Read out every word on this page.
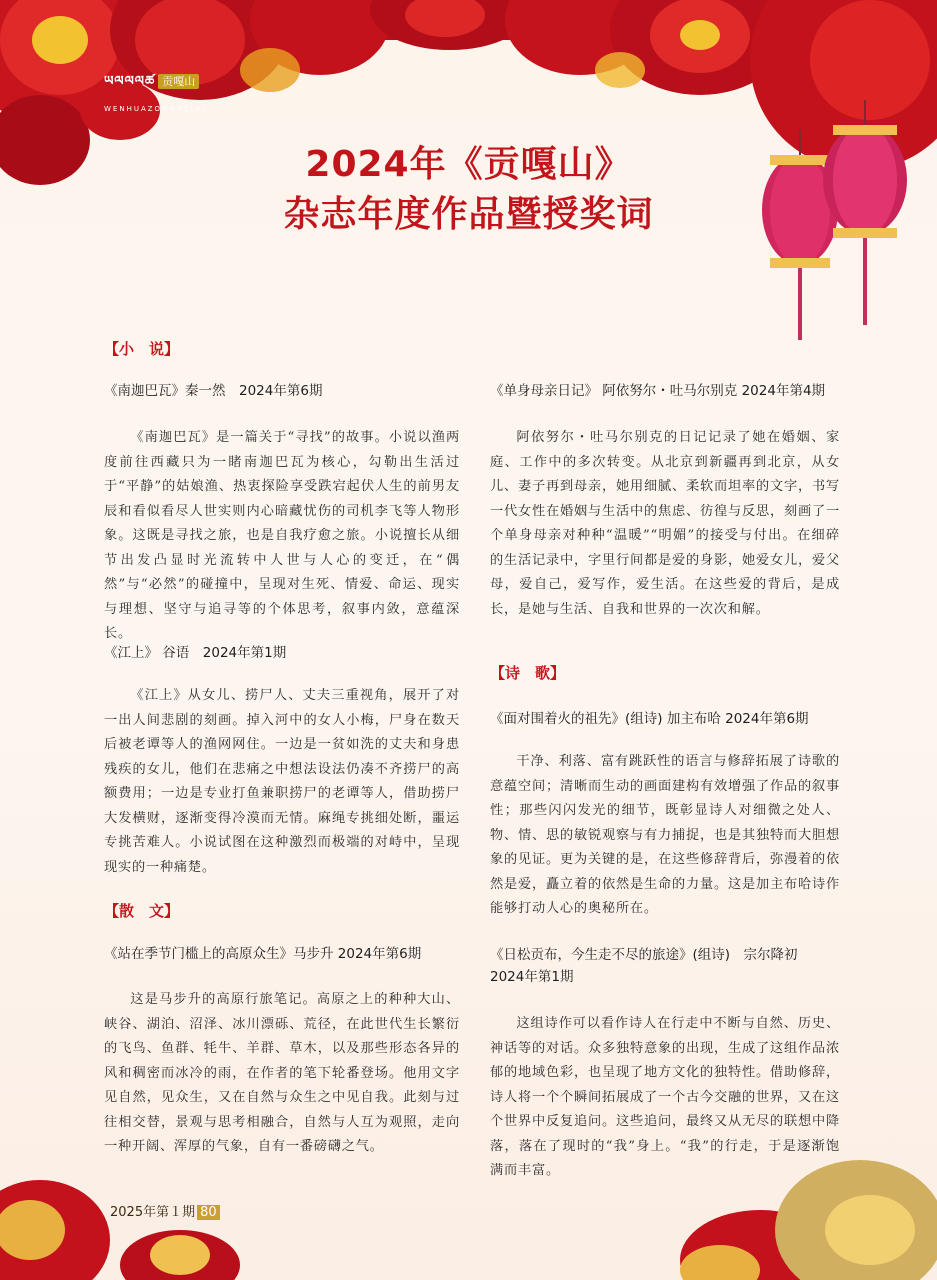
ཡལལལཚ 贡嘎山
WENHUAZONGHELEI
2024年《贡嘎山》
杂志年度作品暨授奖词
【小　说】
《南迦巴瓦》秦一然　2024年第6期

《南迦巴瓦》是一篇关于“寻找”的故事。小说以渔两度前往西藏只为一睹南迦巴瓦为核心，勾勒出生活过于“平静”的姑娘渔、热衷探险享受跌宕起伏人生的前男友辰和看似看尽人世实则内心暗藏忧伤的司机李飞等人物形象。这既是寻找之旅，也是自我疗愈之旅。小说擅长从细节出发凸显时光流转中人世与人心的变迁，在“偶然”与“必然”的碰撞中，呈现对生死、情爱、命运、现实与理想、坚守与追寻等的个体思考，叙事内敛，意蕴深长。

《江上》 谷语　2024年第1期

《江上》从女儿、捞尸人、丈夫三重视角，展开了对一出人间悲剧的刻画。掉入河中的女人小梅，尸身在数天后被老谭等人的渔网网住。一边是一贫如洗的丈夫和身患残疾的女儿，他们在悲痛之中想法设法仍凑不齐捞尸的高额费用；一边是专业打鱼兼职捞尸的老谭等人，借助捞尸大发横财，逐渐变得冷漠而无情。麻绳专挑细处断，噩运专挑苦难人。小说试图在这种激烈而极端的对峙中，呈现现实的一种痛楚。

【散　文】
《站在季节门槛上的高原众生》马步升 2024年第6期

这是马步升的高原行旅笔记。高原之上的种种大山、峡谷、湖泊、沼泽、冰川漂砾、荒径，在此世代生长繁衍的飞鸟、鱼群、牦牛、羊群、草木，以及那些形态各异的风和稠密而冰冷的雨，在作者的笔下轮番登场。他用文字见自然，见众生，又在自然与众生之中见自我。此刻与过往相交替，景观与思考相融合，自然与人互为观照，走向一种开阔、浑厚的气象，自有一番磅礴之气。

《单身母亲日记》 阿依努尔・吐马尔别克 2024年第4期

阿依努尔・吐马尔别克的日记记录了她在婚姻、家庭、工作中的多次转变。从北京到新疆再到北京，从女儿、妻子再到母亲，她用细腻、柔软而坦率的文字，书写一代女性在婚姻与生活中的焦虑、彷徨与反思，刻画了一个单身母亲对种种“温暖”“明媚”的接受与付出。在细碎的生活记录中，字里行间都是爱的身影，她爱女儿，爱父母，爱自己，爱写作，爱生活。在这些爱的背后，是成长，是她与生活、自我和世界的一次次和解。

【诗　歌】
《面对围着火的祖先》(组诗) 加主布哈 2024年第6期

干净、利落、富有跳跃性的语言与修辞拓展了诗歌的意蕴空间；清晰而生动的画面建构有效增强了作品的叙事性；那些闪闪发光的细节，既彰显诗人对细微之处人、物、情、思的敏锐观察与有力捕捉，也是其独特而大胆想象的见证。更为关键的是，在这些修辞背后，弥漫着的依然是爱，矗立着的依然是生命的力量。这是加主布哈诗作能够打动人心的奥秘所在。

《日松贡布，今生走不尽的旅途》(组诗)　宗尔降初
2024年第1期

这组诗作可以看作诗人在行走中不断与自然、历史、神话等的对话。众多独特意象的出现，生成了这组作品浓郁的地域色彩，也呈现了地方文化的独特性。借助修辞，诗人将一个个瞬间拓展成了一个古今交融的世界，又在这个世界中反复追问。这些追问，最终又从无尽的联想中降落，落在了现时的“我”身上。“我”的行走，于是逐渐饱满而丰富。

2025年第１期 80
